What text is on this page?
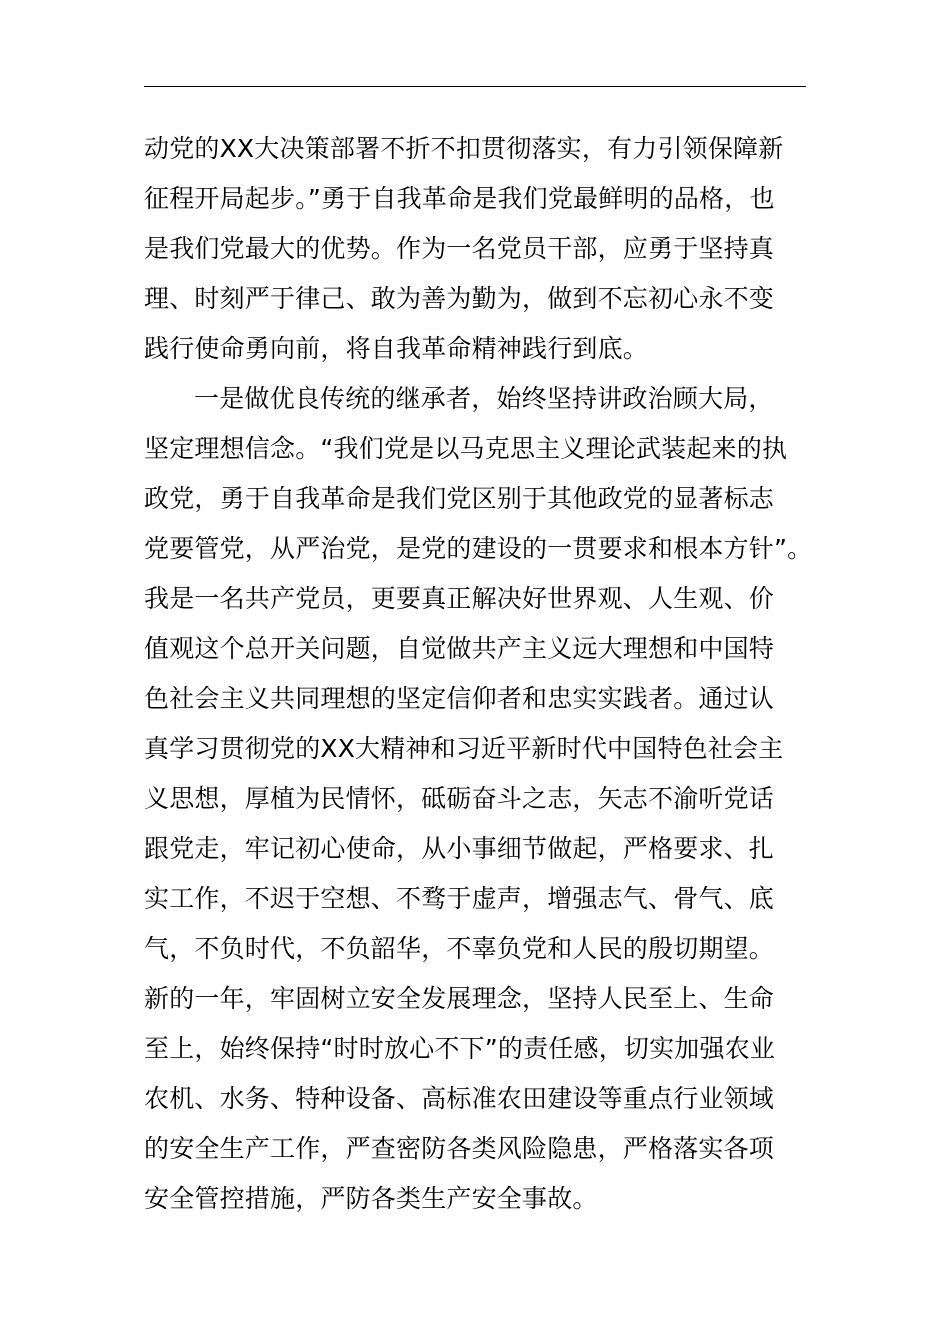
动党的XX大决策部署不折不扣贯彻落实，有力引领保障新
征程开局起步。”勇于自我革命是我们党最鲜明的品格，也
是我们党最大的优势。作为一名党员干部，应勇于坚持真
理、时刻严于律己、敢为善为勤为，做到不忘初心永不变
践行使命勇向前，将自我革命精神践行到底。
一是做优良传统的继承者，始终坚持讲政治顾大局，
坚定理想信念。“我们党是以马克思主义理论武装起来的执
政党，勇于自我革命是我们党区别于其他政党的显著标志
党要管党，从严治党，是党的建设的一贯要求和根本方针”。
我是一名共产党员，更要真正解决好世界观、人生观、价
值观这个总开关问题，自觉做共产主义远大理想和中国特
色社会主义共同理想的坚定信仰者和忠实实践者。通过认
真学习贯彻党的XX大精神和习近平新时代中国特色社会主
义思想，厚植为民情怀，砥砺奋斗之志，矢志不渝听党话
跟党走，牢记初心使命，从小事细节做起，严格要求、扎
实工作，不迟于空想、不骛于虚声，增强志气、骨气、底
气，不负时代，不负韶华，不辜负党和人民的殷切期望。
新的一年，牢固树立安全发展理念，坚持人民至上、生命
至上，始终保持“时时放心不下”的责任感，切实加强农业
农机、水务、特种设备、高标准农田建设等重点行业领域
的安全生产工作，严查密防各类风险隐患，严格落实各项
安全管控措施，严防各类生产安全事故。
